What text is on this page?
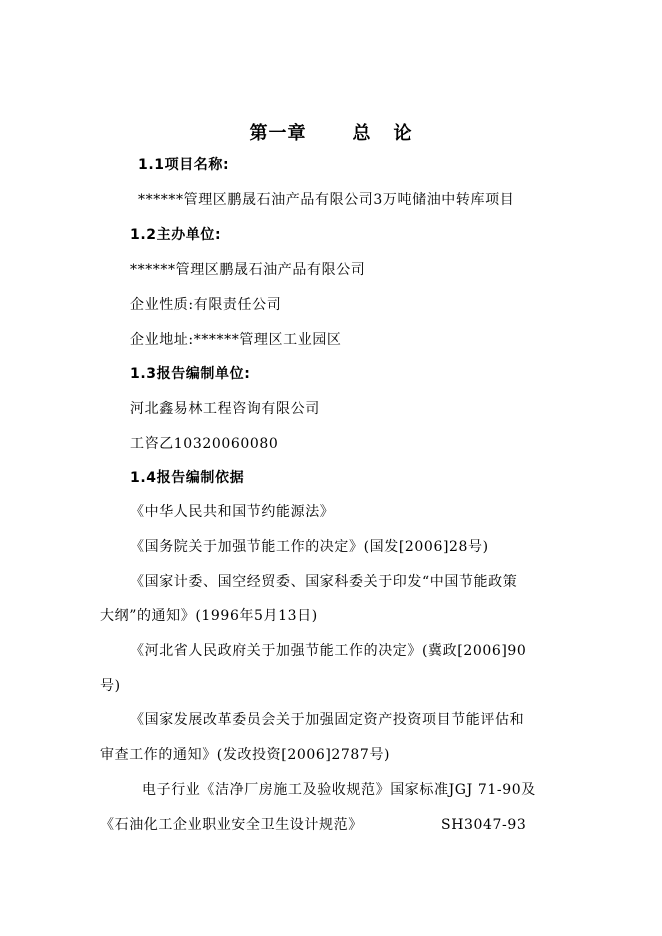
第一章	总 论
1.1项目名称:
******管理区鹏晟石油产品有限公司3万吨储油中转库项目
1.2主办单位:
******管理区鹏晟石油产品有限公司
企业性质:有限责任公司
企业地址:******管理区工业园区
1.3报告编制单位:
河北鑫易林工程咨询有限公司
工咨乙10320060080
1.4报告编制依据
《中华人民共和国节约能源法》
《国务院关于加强节能工作的决定》(国发[2006]28号)
《国家计委、国空经贸委、国家科委关于印发“中国节能政策
大纲”的通知》(1996年5月13日)
《河北省人民政府关于加强节能工作的决定》(冀政[2006]90
号)
《国家发展改革委员会关于加强固定资产投资项目节能评估和
审查工作的通知》(发改投资[2006]2787号)
电子行业《洁净厂房施工及验收规范》国家标准JGJ 71-90及
《石油化工企业职业安全卫生设计规范》	SH3047-93
